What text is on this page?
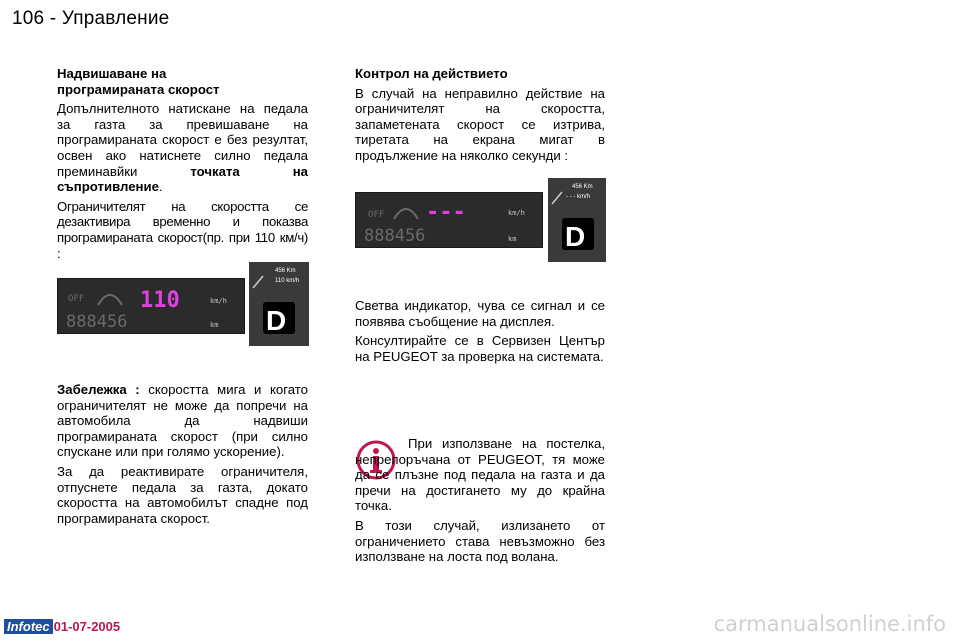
106 - Управление
Надвишаване на
програмираната скорост

Допълнителното натискане на педала за газта за превишаване на програмираната скорост е без резултат, освен ако натиснете силно педала преминавйки точката на съпротивление.

Ограничителят на скоростта се дезактивира временно и показва програмираната скорост(пр. при 110 км/ч) :

OFF	110	km/h
888456	km
456 Km
110 km/h
D

Забележка : скоростта мига и когато ограничителят не може да попречи на автомобила да надвиши програмираната скорост (при силно спускане или при голямо ускорение).

За да реактивирате ограничителя, отпуснете педала за газта, докато скоростта на автомобилът спадне под програмираната скорост.

Контрол на действието

В случай на неправилно действие на ограничителят на скоростта, запаметената скорост се изтрива, тиретата на екрана мигат в продължение на няколко секунди :

OFF ---	km/h
888456	km
456 Km
- - - km/h
D

Светва индикатор, чува се сигнал и се появява съобщение на дисплея.

Консултирайте се в Сервизен Център на PEUGEOT за проверка на системата.

При използване на постелка, непрепоръчана от PEUGEOT, тя може да се плъзне под педала на газта и да пречи на достигането му до крайна точка.

В този случай, излизането от ограничението става невъзможно без използване на лоста под волана.

Infotec 01-07-2005	carmanualsonline.info
